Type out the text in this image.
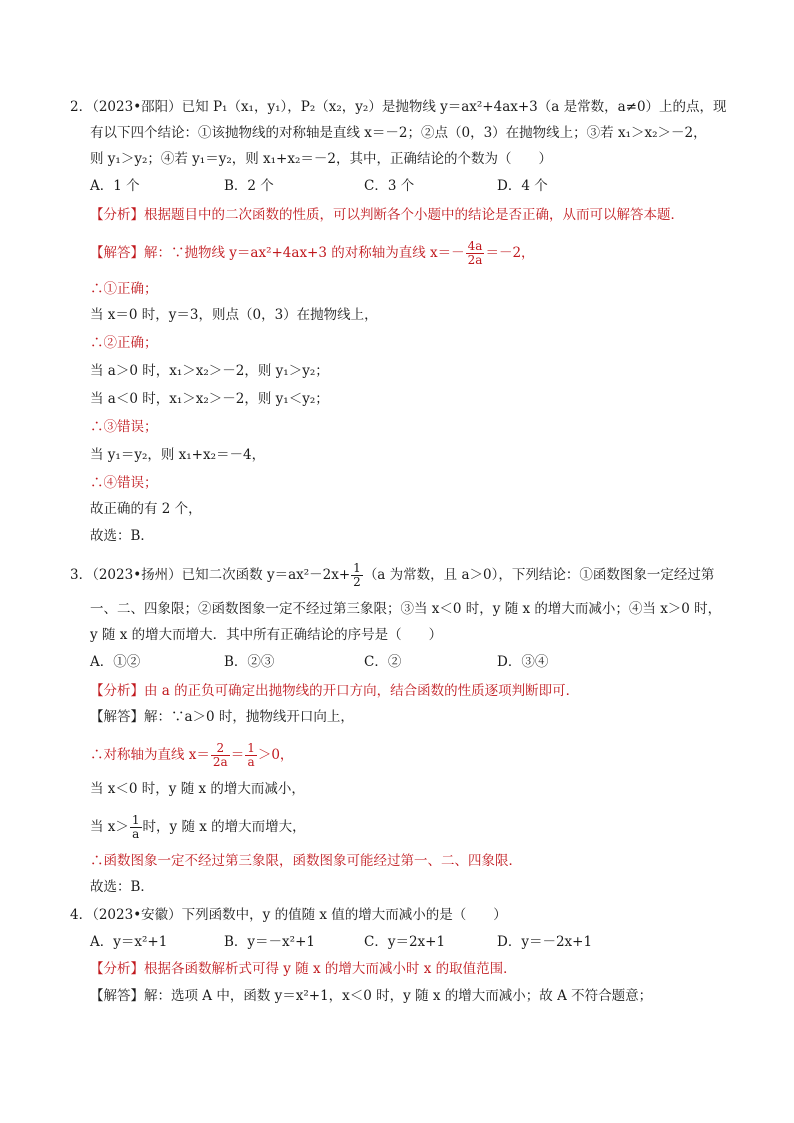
2．（2023•邵阳）已知 P₁（x₁，y₁），P₂（x₂，y₂）是抛物线 y＝ax²+4ax+3（a 是常数，a≠0）上的点，现
有以下四个结论：①该抛物线的对称轴是直线 x＝－2；②点（0，3）在抛物线上；③若 x₁＞x₂＞－2，
则 y₁＞y₂；④若 y₁＝y₂，则 x₁+x₂＝－2，其中，正确结论的个数为（　　）
A．1 个	B．2 个	C．3 个	D．4 个
【分析】根据题目中的二次函数的性质，可以判断各个小题中的结论是否正确，从而可以解答本题．
【解答】解：∵抛物线 y＝ax²+4ax+3 的对称轴为直线 $x=- \frac{4a}{2a} =-2$，
∴①正确；
当 x＝0 时，y＝3，则点（0，3）在抛物线上，
∴②正确；
当 a＞0 时，x₁＞x₂＞－2，则 y₁＞y₂；
当 a＜0 时，x₁＞x₂＞－2，则 y₁＜y₂；
∴③错误；
当 y₁＝y₂，则 x₁+x₂＝－4，
∴④错误；
故正确的有 2 个，
故选：B．
3．（2023•扬州）已知二次函数 $y=ax^2-2x+ \frac{1}{2} (a$ 为常数，且 a＞0），下列结论：①函数图象一定经过第
一、二、四象限；②函数图象一定不经过第三象限；③当 x＜0 时，y 随 x 的增大而减小；④当 x＞0 时，
y 随 x 的增大而增大．其中所有正确结论的序号是（　　）
A．①②	B．②③	C．②	D．③④
【分析】由 a 的正负可确定出抛物线的开口方向，结合函数的性质逐项判断即可．
【解答】解：∵a＞0 时，抛物线开口向上，
∴对称轴为直线 $x= \frac{2}{2a} = \frac{1}{a} >0$，
当 x＜0 时，y 随 x 的增大而减小，
当 $x> \frac{1}{a}$ 时，y 随 x 的增大而增大，
∴函数图象一定不经过第三象限，函数图象可能经过第一、二、四象限．
故选：B．
4．（2023•安徽）下列函数中，y 的值随 x 值的增大而减小的是（　　）
A．y＝x²+1	B．y＝－x²+1	C．y＝2x+1	D．y＝－2x+1
【分析】根据各函数解析式可得 y 随 x 的增大而减小时 x 的取值范围．
【解答】解：选项 A 中，函数 y＝x²+1，x＜0 时，y 随 x 的增大而减小；故 A 不符合题意；
